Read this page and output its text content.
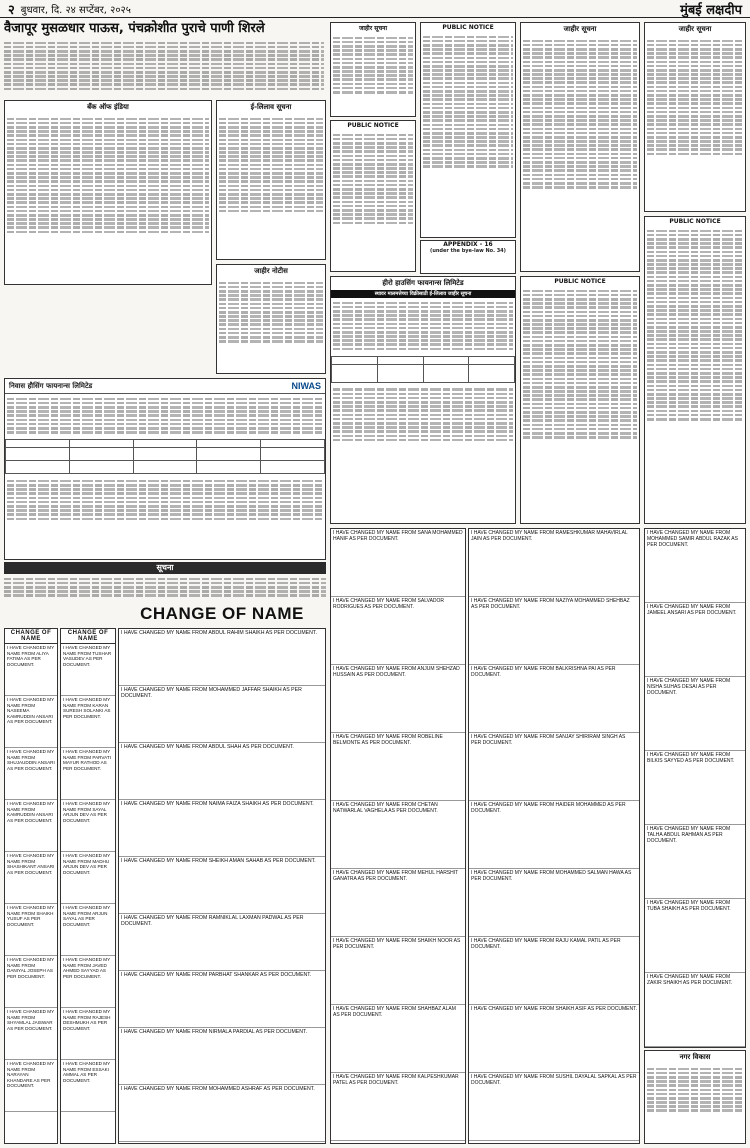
२ बुधवार, दि. २४ सप्टेंबर, २०२५	मुंबई लक्षदीप
वैजापूर मुसळधार पाऊस, पंचक्रोशीत पुराचे पाणी शिरले
ई-लिलाव सूचना
बँक ऑफ इंडिया
जाहीर नोटीस
निवास हौसिंग फायनान्स लिमिटेड	NIWAS

जाहीर सूचना
PUBLIC NOTICE
PUBLIC NOTICE
हीरो हाउसिंग फायनान्स लिमिटेड
स्थावर मालमत्तेच्या विक्रीसाठी ई-लिलाव जाहीर सूचना

APPENDIX - 16
(under the bye-law No. 34)
जाहीर सूचना
PUBLIC NOTICE
जाहीर सूचना
PUBLIC NOTICE
सूचना
CHANGE OF NAME
CHANGE OF NAME
I HAVE CHANGED MY NAME FROM ALIYA FATIMA AS PER DOCUMENT.
I HAVE CHANGED MY NAME FROM NASEEMA KAMRUDDIN ANSARI AS PER DOCUMENT.
I HAVE CHANGED MY NAME FROM SHUJAUDDIN ANSARI AS PER DOCUMENT.
I HAVE CHANGED MY NAME FROM KAMRUDDIN ANSARI AS PER DOCUMENT.
I HAVE CHANGED MY NAME FROM SHASHIKANT ANSARI AS PER DOCUMENT.
I HAVE CHANGED MY NAME FROM SHAIKH YUSUF AS PER DOCUMENT.
I HAVE CHANGED MY NAME FROM DANIYAL JOSEPH AS PER DOCUMENT.
I HAVE CHANGED MY NAME FROM SHYAMLAL JAISWAR AS PER DOCUMENT.
I HAVE CHANGED MY NAME FROM NARAYAN KHANDARE AS PER DOCUMENT.
CHANGE OF NAME
I HAVE CHANGED MY NAME FROM TUSHAR VASUDEV AS PER DOCUMENT.
I HAVE CHANGED MY NAME FROM KARAN SURESH SOLANKI AS PER DOCUMENT.
I HAVE CHANGED MY NAME FROM PARVATI MAYUR RATHOD AS PER DOCUMENT.
I HAVE CHANGED MY NAME FROM SAYAL ARJUN DEV AS PER DOCUMENT.
I HAVE CHANGED MY NAME FROM MADHU ARJUN DEV AS PER DOCUMENT.
I HAVE CHANGED MY NAME FROM ARJUN SAYAL AS PER DOCUMENT.
I HAVE CHANGED MY NAME FROM JAVED AHMED SAYYAD AS PER DOCUMENT.
I HAVE CHANGED MY NAME FROM RAJESH DESHMUKH AS PER DOCUMENT.
I HAVE CHANGED MY NAME FROM ESSAKI AMMAL AS PER DOCUMENT.
I HAVE CHANGED MY NAME FROM ABDUL RAHIM SHAIKH AS PER DOCUMENT.
I HAVE CHANGED MY NAME FROM MOHAMMED JAFFAR SHAIKH AS PER DOCUMENT.
I HAVE CHANGED MY NAME FROM ABDUL SHAH AS PER DOCUMENT.
I HAVE CHANGED MY NAME FROM NAIMA FAIZA SHAIKH AS PER DOCUMENT.
I HAVE CHANGED MY NAME FROM SHEIKH AMAN SAHAB AS PER DOCUMENT.
I HAVE CHANGED MY NAME FROM RAMNIKLAL LAXMAN PADWAL AS PER DOCUMENT.
I HAVE CHANGED MY NAME FROM PARBHAT SHANKAR AS PER DOCUMENT.
I HAVE CHANGED MY NAME FROM NIRMALA PARDIAL AS PER DOCUMENT.
I HAVE CHANGED MY NAME FROM MOHAMMED ASHRAF AS PER DOCUMENT.
I HAVE CHANGED MY NAME FROM SANA MOHAMMED HANIF AS PER DOCUMENT.
I HAVE CHANGED MY NAME FROM SALVADOR RODRIGUES AS PER DOCUMENT.
I HAVE CHANGED MY NAME FROM ANJUM SHEHZAD HUSSAIN AS PER DOCUMENT.
I HAVE CHANGED MY NAME FROM ROBELINE BELMONTE AS PER DOCUMENT.
I HAVE CHANGED MY NAME FROM CHETAN NATWARLAL VAGHELA AS PER DOCUMENT.
I HAVE CHANGED MY NAME FROM MEHUL HARSHIT GANATRA AS PER DOCUMENT.
I HAVE CHANGED MY NAME FROM SHAIKH NOOR AS PER DOCUMENT.
I HAVE CHANGED MY NAME FROM SHAHBAZ ALAM AS PER DOCUMENT.
I HAVE CHANGED MY NAME FROM KALPESHKUMAR PATEL AS PER DOCUMENT.
I HAVE CHANGED MY NAME FROM RAMESHKUMAR MAHAVIRLAL JAIN AS PER DOCUMENT.
I HAVE CHANGED MY NAME FROM NAZIYA MOHAMMED SHEHBAZ AS PER DOCUMENT.
I HAVE CHANGED MY NAME FROM BALKRISHNA PAI AS PER DOCUMENT.
I HAVE CHANGED MY NAME FROM SANJAY SHIRIRAM SINGH AS PER DOCUMENT.
I HAVE CHANGED MY NAME FROM HAIDER MOHAMMED AS PER DOCUMENT.
I HAVE CHANGED MY NAME FROM MOHAMMED SALMAN HAWA AS PER DOCUMENT.
I HAVE CHANGED MY NAME FROM RAJU KAMAL PATIL AS PER DOCUMENT.
I HAVE CHANGED MY NAME FROM SHAIKH ASIF AS PER DOCUMENT.
I HAVE CHANGED MY NAME FROM SUSHIL DAYALAL SAPKAL AS PER DOCUMENT.
I HAVE CHANGED MY NAME FROM MOHAMMED SAMIR ABDUL RAZAK AS PER DOCUMENT.
I HAVE CHANGED MY NAME FROM JAMEEL ANSARI AS PER DOCUMENT.
I HAVE CHANGED MY NAME FROM NISHA SUHAS DESAI AS PER DOCUMENT.
I HAVE CHANGED MY NAME FROM BILKIS SAYYED AS PER DOCUMENT.
I HAVE CHANGED MY NAME FROM TALHA ABDUL RAHMAN AS PER DOCUMENT.
I HAVE CHANGED MY NAME FROM TUBA SHAIKH AS PER DOCUMENT.
I HAVE CHANGED MY NAME FROM ZAKIR SHAIKH AS PER DOCUMENT.
नगर विकास
